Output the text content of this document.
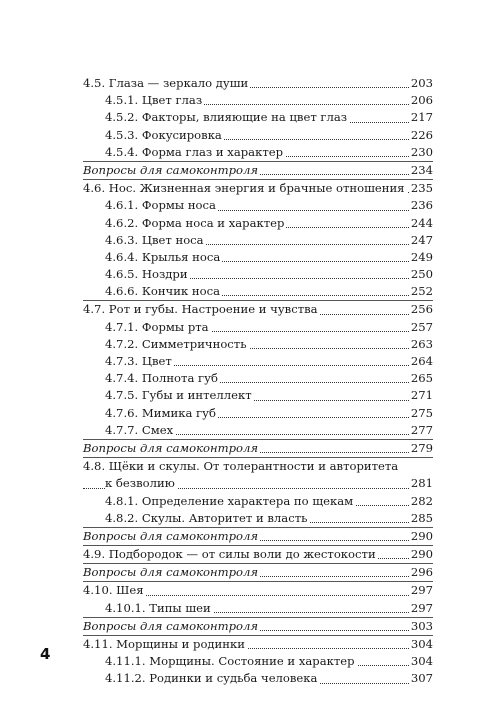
4.5. Глаза — зеркало души	203
4.5.1. Цвет глаз	206
4.5.2. Факторы, влияющие на цвет глаз	217
4.5.3. Фокусировка	226
4.5.4. Форма глаз и характер	230
Вопросы для самоконтроля	234
4.6. Нос. Жизненная энергия и брачные отношения 235
4.6.1. Формы носа	236
4.6.2. Форма носа и характер	244
4.6.3. Цвет носа	247
4.6.4. Крылья носа	249
4.6.5. Ноздри	250
4.6.6. Кончик носа	252
4.7. Рот и губы. Настроение и чувства	256
4.7.1. Формы рта	257
4.7.2. Симметричность	263
4.7.3. Цвет	264
4.7.4. Полнота губ	265
4.7.5. Губы и интеллект	271
4.7.6. Мимика губ	275
4.7.7. Смех	277
Вопросы для самоконтроля	279
4.8. Щёки и скулы. От толерантности и авторитета
к безволию	281
4.8.1. Определение характера по щекам	282
4.8.2. Скулы. Авторитет и власть	285
Вопросы для самоконтроля	290
4.9. Подбородок — от силы воли до жестокости	290
Вопросы для самоконтроля	296
4.10. Шея	297
4.10.1. Типы шеи	297
Вопросы для самоконтроля	303
4.11. Морщины и родинки	304
4.11.1. Морщины. Состояние и характер	304
4.11.2. Родинки и судьба человека	307
4
